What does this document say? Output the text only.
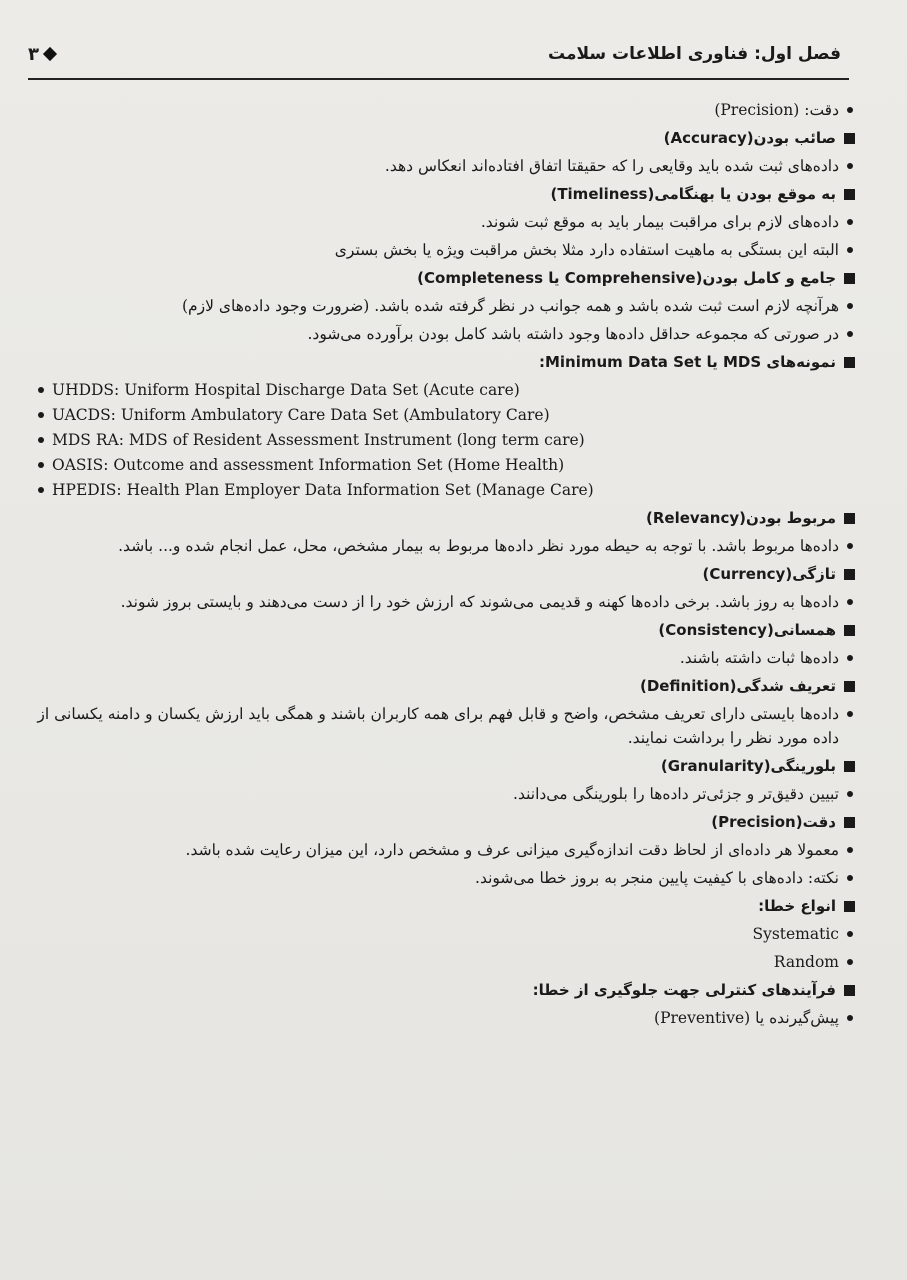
فصل اول: فناوری اطلاعات سلامت
۳
دقت: (Precision)
صائب بودن(Accuracy)
داده‌های ثبت شده باید وقایعی را که حقیقتا اتفاق افتاده‌اند انعکاس دهد.
به موقع بودن یا بهنگامی(Timeliness)
داده‌های لازم برای مراقبت بیمار باید به موقع ثبت شوند.
البته این بستگی به ماهیت استفاده دارد مثلا بخش مراقبت ویژه یا بخش بستری
جامع و کامل بودن(Comprehensive یا Completeness)
هرآنچه لازم است ثبت شده باشد و همه جوانب در نظر گرفته شده باشد. (ضرورت وجود داده‌های لازم)
در صورتی که مجموعه حداقل داده‌ها وجود داشته باشد کامل بودن برآورده می‌شود.
نمونه‌های MDS یا Minimum Data Set:
UHDDS: Uniform Hospital Discharge Data Set (Acute care)
UACDS: Uniform Ambulatory Care Data Set (Ambulatory Care)
MDS RA: MDS of Resident Assessment Instrument (long term care)
OASIS: Outcome and assessment Information Set (Home Health)
HPEDIS: Health Plan Employer Data Information Set (Manage Care)
مربوط بودن(Relevancy)
داده‌ها مربوط باشد. با توجه به حیطه مورد نظر داده‌ها مربوط به بیمار مشخص، محل، عمل انجام شده و... باشد.
تازگی(Currency)
داده‌ها به روز باشد. برخی داده‌ها کهنه و قدیمی می‌شوند که ارزش خود را از دست می‌دهند و بایستی بروز شوند.
همسانی(Consistency)
داده‌ها ثبات داشته باشند.
تعریف شدگی(Definition)
داده‌ها بایستی دارای تعریف مشخص، واضح و قابل فهم برای همه کاربران باشند و همگی باید ارزش یکسان و دامنه یکسانی از داده مورد نظر را برداشت نمایند.
بلورینگی(Granularity)
تبیین دقیق‌تر و جزئی‌تر داده‌ها را بلورینگی می‌دانند.
دقت(Precision)
معمولا هر داده‌ای از لحاظ دقت اندازه‌گیری میزانی عرف و مشخص دارد، این میزان رعایت شده باشد.
نکته: داده‌های با کیفیت پایین منجر به بروز خطا می‌شوند.
انواع خطا:
Systematic
Random
فرآیندهای کنترلی جهت جلوگیری از خطا:
پیش‌گیرنده یا (Preventive)
